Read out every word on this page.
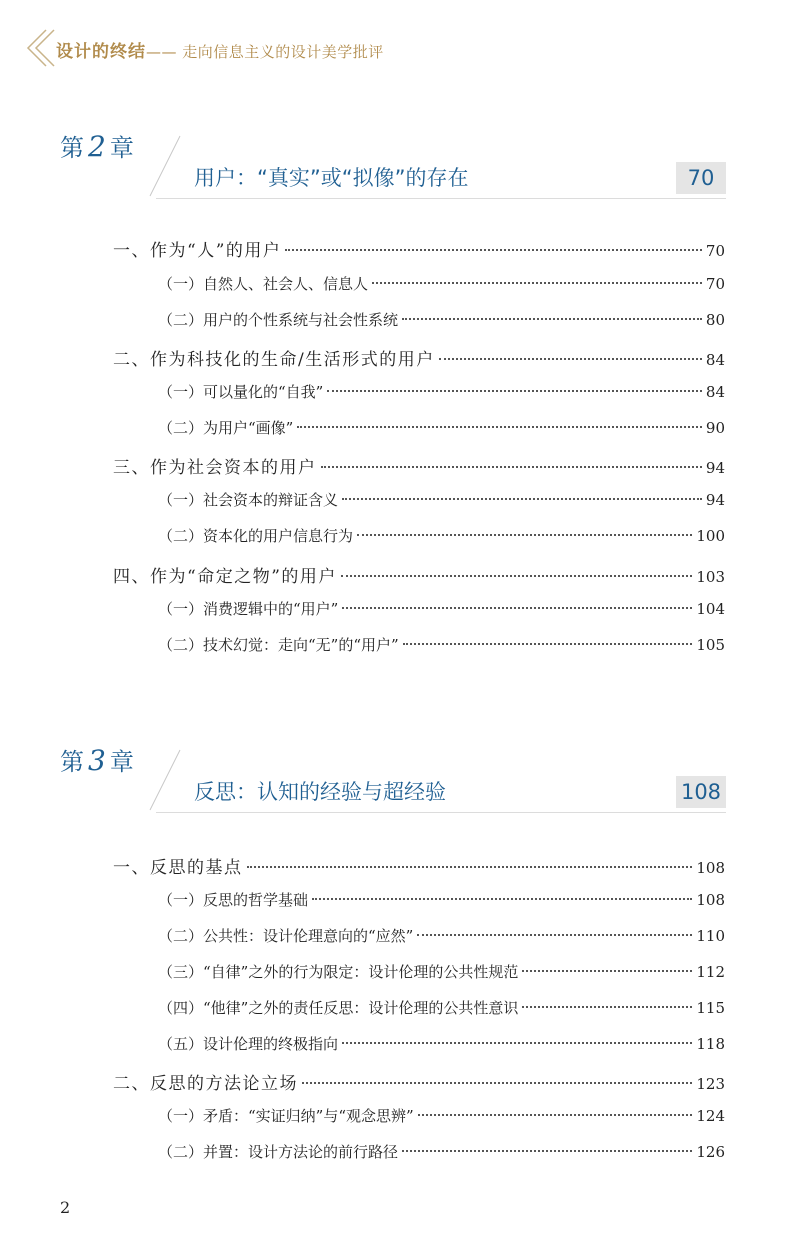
设计的终结—— 走向信息主义的设计美学批评
第 2 章
用户：“真实”或“拟像”的存在	70
一、作为“人”的用户	70
（一）自然人、社会人、信息人	70
（二）用户的个性系统与社会性系统	80
二、作为科技化的生命/生活形式的用户	84
（一）可以量化的“自我”	84
（二）为用户“画像”	90
三、作为社会资本的用户	94
（一）社会资本的辩证含义	94
（二）资本化的用户信息行为	100
四、作为“命定之物”的用户	103
（一）消费逻辑中的“用户”	104
（二）技术幻觉：走向“无”的“用户”	105
第 3 章
反思：认知的经验与超经验	108
一、反思的基点	108
（一）反思的哲学基础	108
（二）公共性：设计伦理意向的“应然”	110
（三）“自律”之外的行为限定：设计伦理的公共性规范	112
（四）“他律”之外的责任反思：设计伦理的公共性意识	115
（五）设计伦理的终极指向	118
二、反思的方法论立场	123
（一）矛盾：“实证归纳”与“观念思辨”	124
（二）并置：设计方法论的前行路径	126
2
